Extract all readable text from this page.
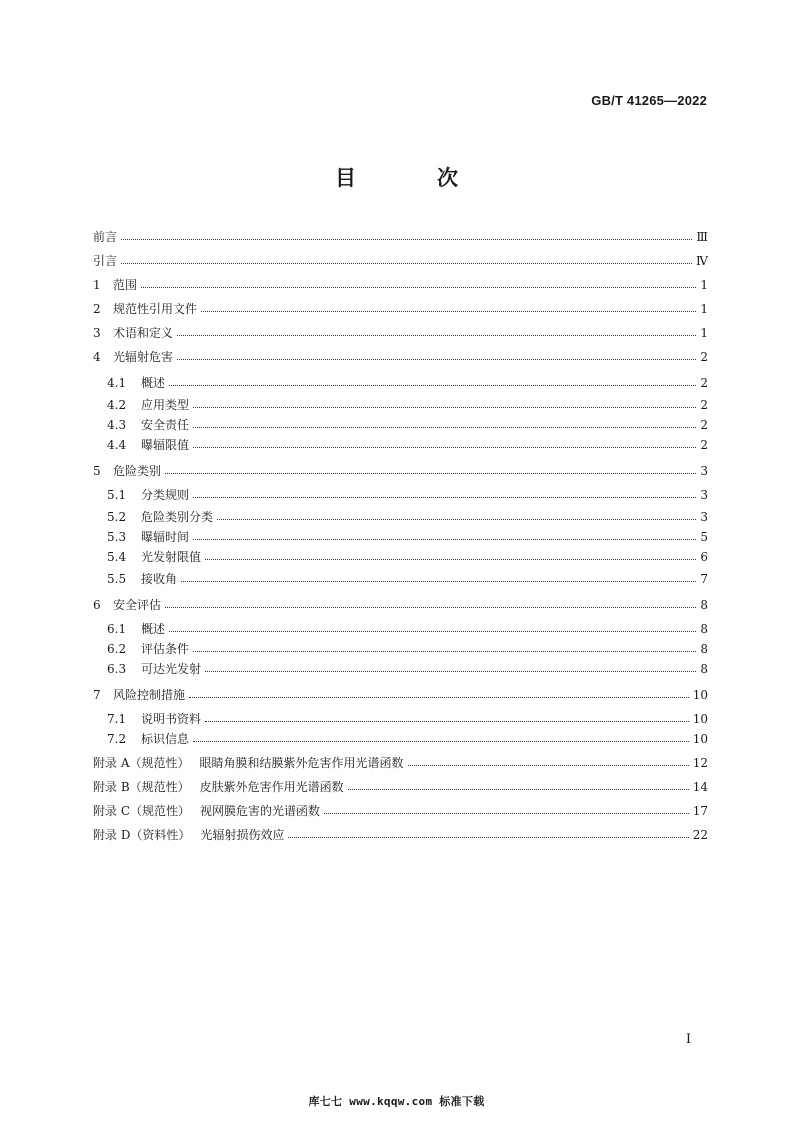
GB/T 41265—2022
目　次
前言	Ⅲ
引言	Ⅳ
1 范围	1
2 规范性引用文件	1
3 术语和定义	1
4 光辐射危害	2
4.1	概述	2
4.2	应用类型	2
4.3	安全责任	2
4.4	曝辐限值	2
5 危险类别	3
5.1	分类规则	3
5.2	危险类别分类	3
5.3	曝辐时间	5
5.4	光发射限值	6
5.5	接收角	7
6 安全评估	8
6.1	概述	8
6.2	评估条件	8
6.3	可达光发射	8
7 风险控制措施	10
7.1	说明书资料	10
7.2	标识信息	10
附录 A（规范性） 眼睛角膜和结膜紫外危害作用光谱函数	12
附录 B（规范性） 皮肤紫外危害作用光谱函数	14
附录 C（规范性） 视网膜危害的光谱函数	17
附录 D（资料性） 光辐射损伤效应	22
I
库七七 www.kqqw.com 标准下载
